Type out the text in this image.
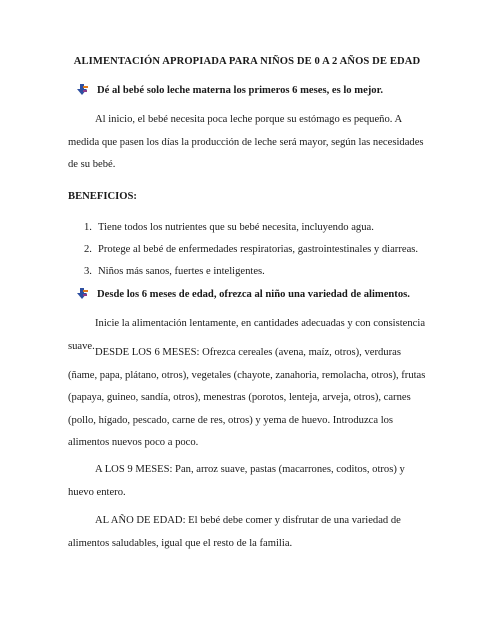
ALIMENTACIÓN APROPIADA PARA NIÑOS DE 0 A 2 AÑOS DE EDAD
Dé al bebé solo leche materna los primeros 6 meses, es lo mejor.
Al inicio, el bebé necesita poca leche porque su estómago es pequeño. A medida que pasen los días la producción de leche será mayor, según las necesidades de su bebé.
BENEFICIOS:
1. Tiene todos los nutrientes que su bebé necesita, incluyendo agua.
2. Protege al bebé de enfermedades respiratorias, gastrointestinales y diarreas.
3. Niños más sanos, fuertes e inteligentes.
Desde los 6 meses de edad, ofrezca al niño una variedad de alimentos.
Inicie la alimentación lentamente, en cantidades adecuadas y con consistencia suave.
DESDE LOS 6 MESES: Ofrezca cereales (avena, maíz, otros), verduras (ñame, papa, plátano, otros), vegetales (chayote, zanahoria, remolacha, otros), frutas (papaya, guineo, sandía, otros), menestras (porotos, lenteja, arveja, otros), carnes (pollo, hígado, pescado, carne de res, otros) y yema de huevo. Introduzca los alimentos nuevos poco a poco.
A LOS 9 MESES: Pan, arroz suave, pastas (macarrones, coditos, otros) y huevo entero.
AL AÑO DE EDAD: El bebé debe comer y disfrutar de una variedad de alimentos saludables, igual que el resto de la familia.
